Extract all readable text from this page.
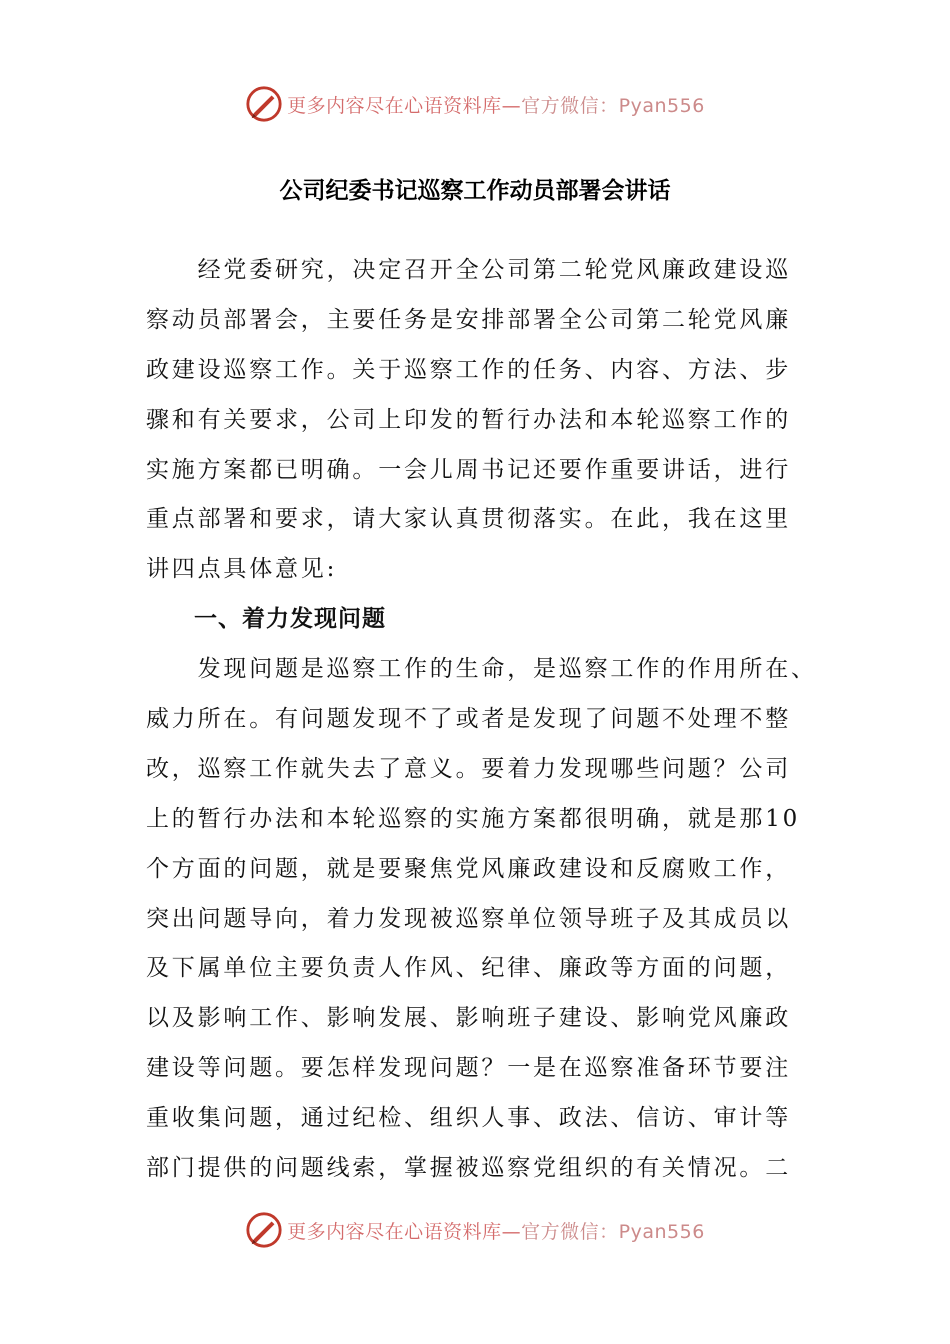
更多内容尽在心语资料库—官方微信：Pyan556
公司纪委书记巡察工作动员部署会讲话
　　经党委研究，决定召开全公司第二轮党风廉政建设巡
察动员部署会，主要任务是安排部署全公司第二轮党风廉
政建设巡察工作。关于巡察工作的任务、内容、方法、步
骤和有关要求，公司上印发的暂行办法和本轮巡察工作的
实施方案都已明确。一会儿周书记还要作重要讲话，进行
重点部署和要求，请大家认真贯彻落实。在此，我在这里
讲四点具体意见:
　　一、着力发现问题
　　发现问题是巡察工作的生命，是巡察工作的作用所在、
威力所在。有问题发现不了或者是发现了问题不处理不整
改，巡察工作就失去了意义。要着力发现哪些问题？公司
上的暂行办法和本轮巡察的实施方案都很明确，就是那10
个方面的问题，就是要聚焦党风廉政建设和反腐败工作，
突出问题导向，着力发现被巡察单位领导班子及其成员以
及下属单位主要负责人作风、纪律、廉政等方面的问题，
以及影响工作、影响发展、影响班子建设、影响党风廉政
建设等问题。要怎样发现问题？一是在巡察准备环节要注
重收集问题，通过纪检、组织人事、政法、信访、审计等
部门提供的问题线索，掌握被巡察党组织的有关情况。二
更多内容尽在心语资料库—官方微信：Pyan556
